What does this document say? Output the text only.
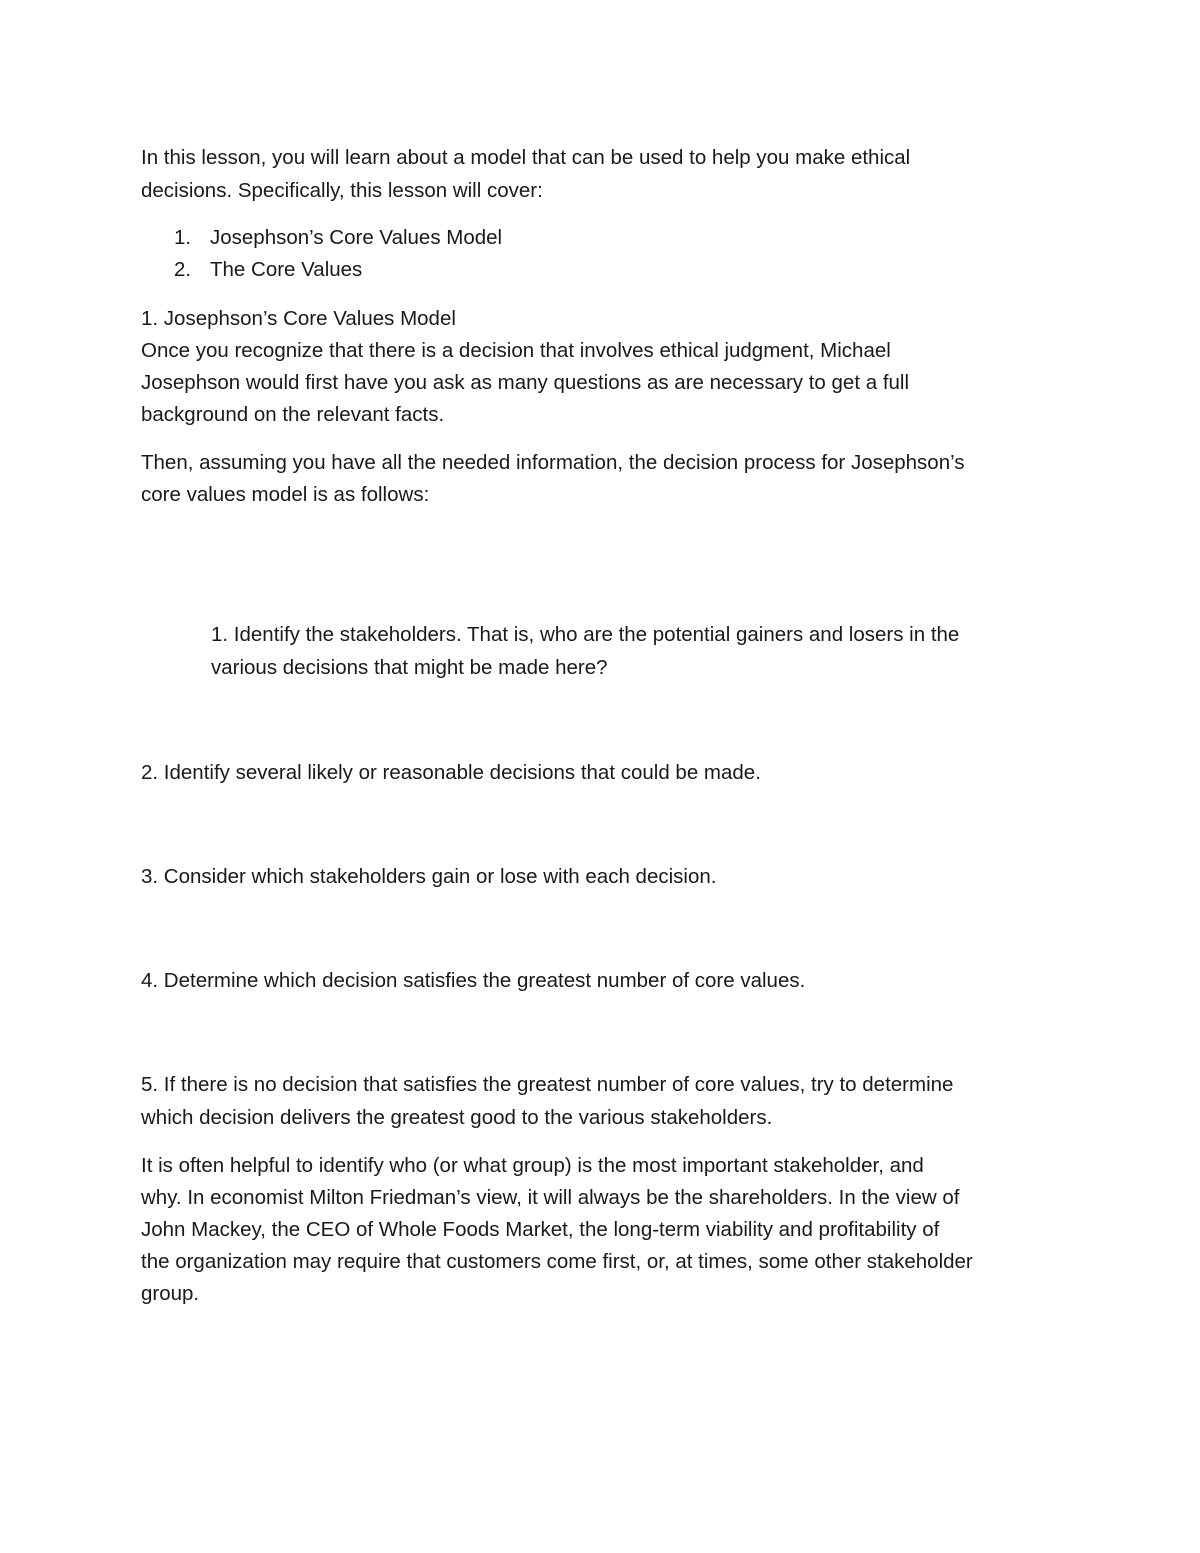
In this lesson, you will learn about a model that can be used to help you make ethical

decisions. Specifically, this lesson will cover:

1. Josephson’s Core Values Model
2. The Core Values

1. Josephson’s Core Values Model

Once you recognize that there is a decision that involves ethical judgment, Michael

Josephson would first have you ask as many questions as are necessary to get a full

background on the relevant facts.

Then, assuming you have all the needed information, the decision process for Josephson’s

core values model is as follows:

1. Identify the stakeholders. That is, who are the potential gainers and losers in the

various decisions that might be made here?

2. Identify several likely or reasonable decisions that could be made.

3. Consider which stakeholders gain or lose with each decision.

4. Determine which decision satisfies the greatest number of core values.

5. If there is no decision that satisfies the greatest number of core values, try to determine

which decision delivers the greatest good to the various stakeholders.

It is often helpful to identify who (or what group) is the most important stakeholder, and

why. In economist Milton Friedman’s view, it will always be the shareholders. In the view of

John Mackey, the CEO of Whole Foods Market, the long-term viability and profitability of

the organization may require that customers come first, or, at times, some other stakeholder

group.
